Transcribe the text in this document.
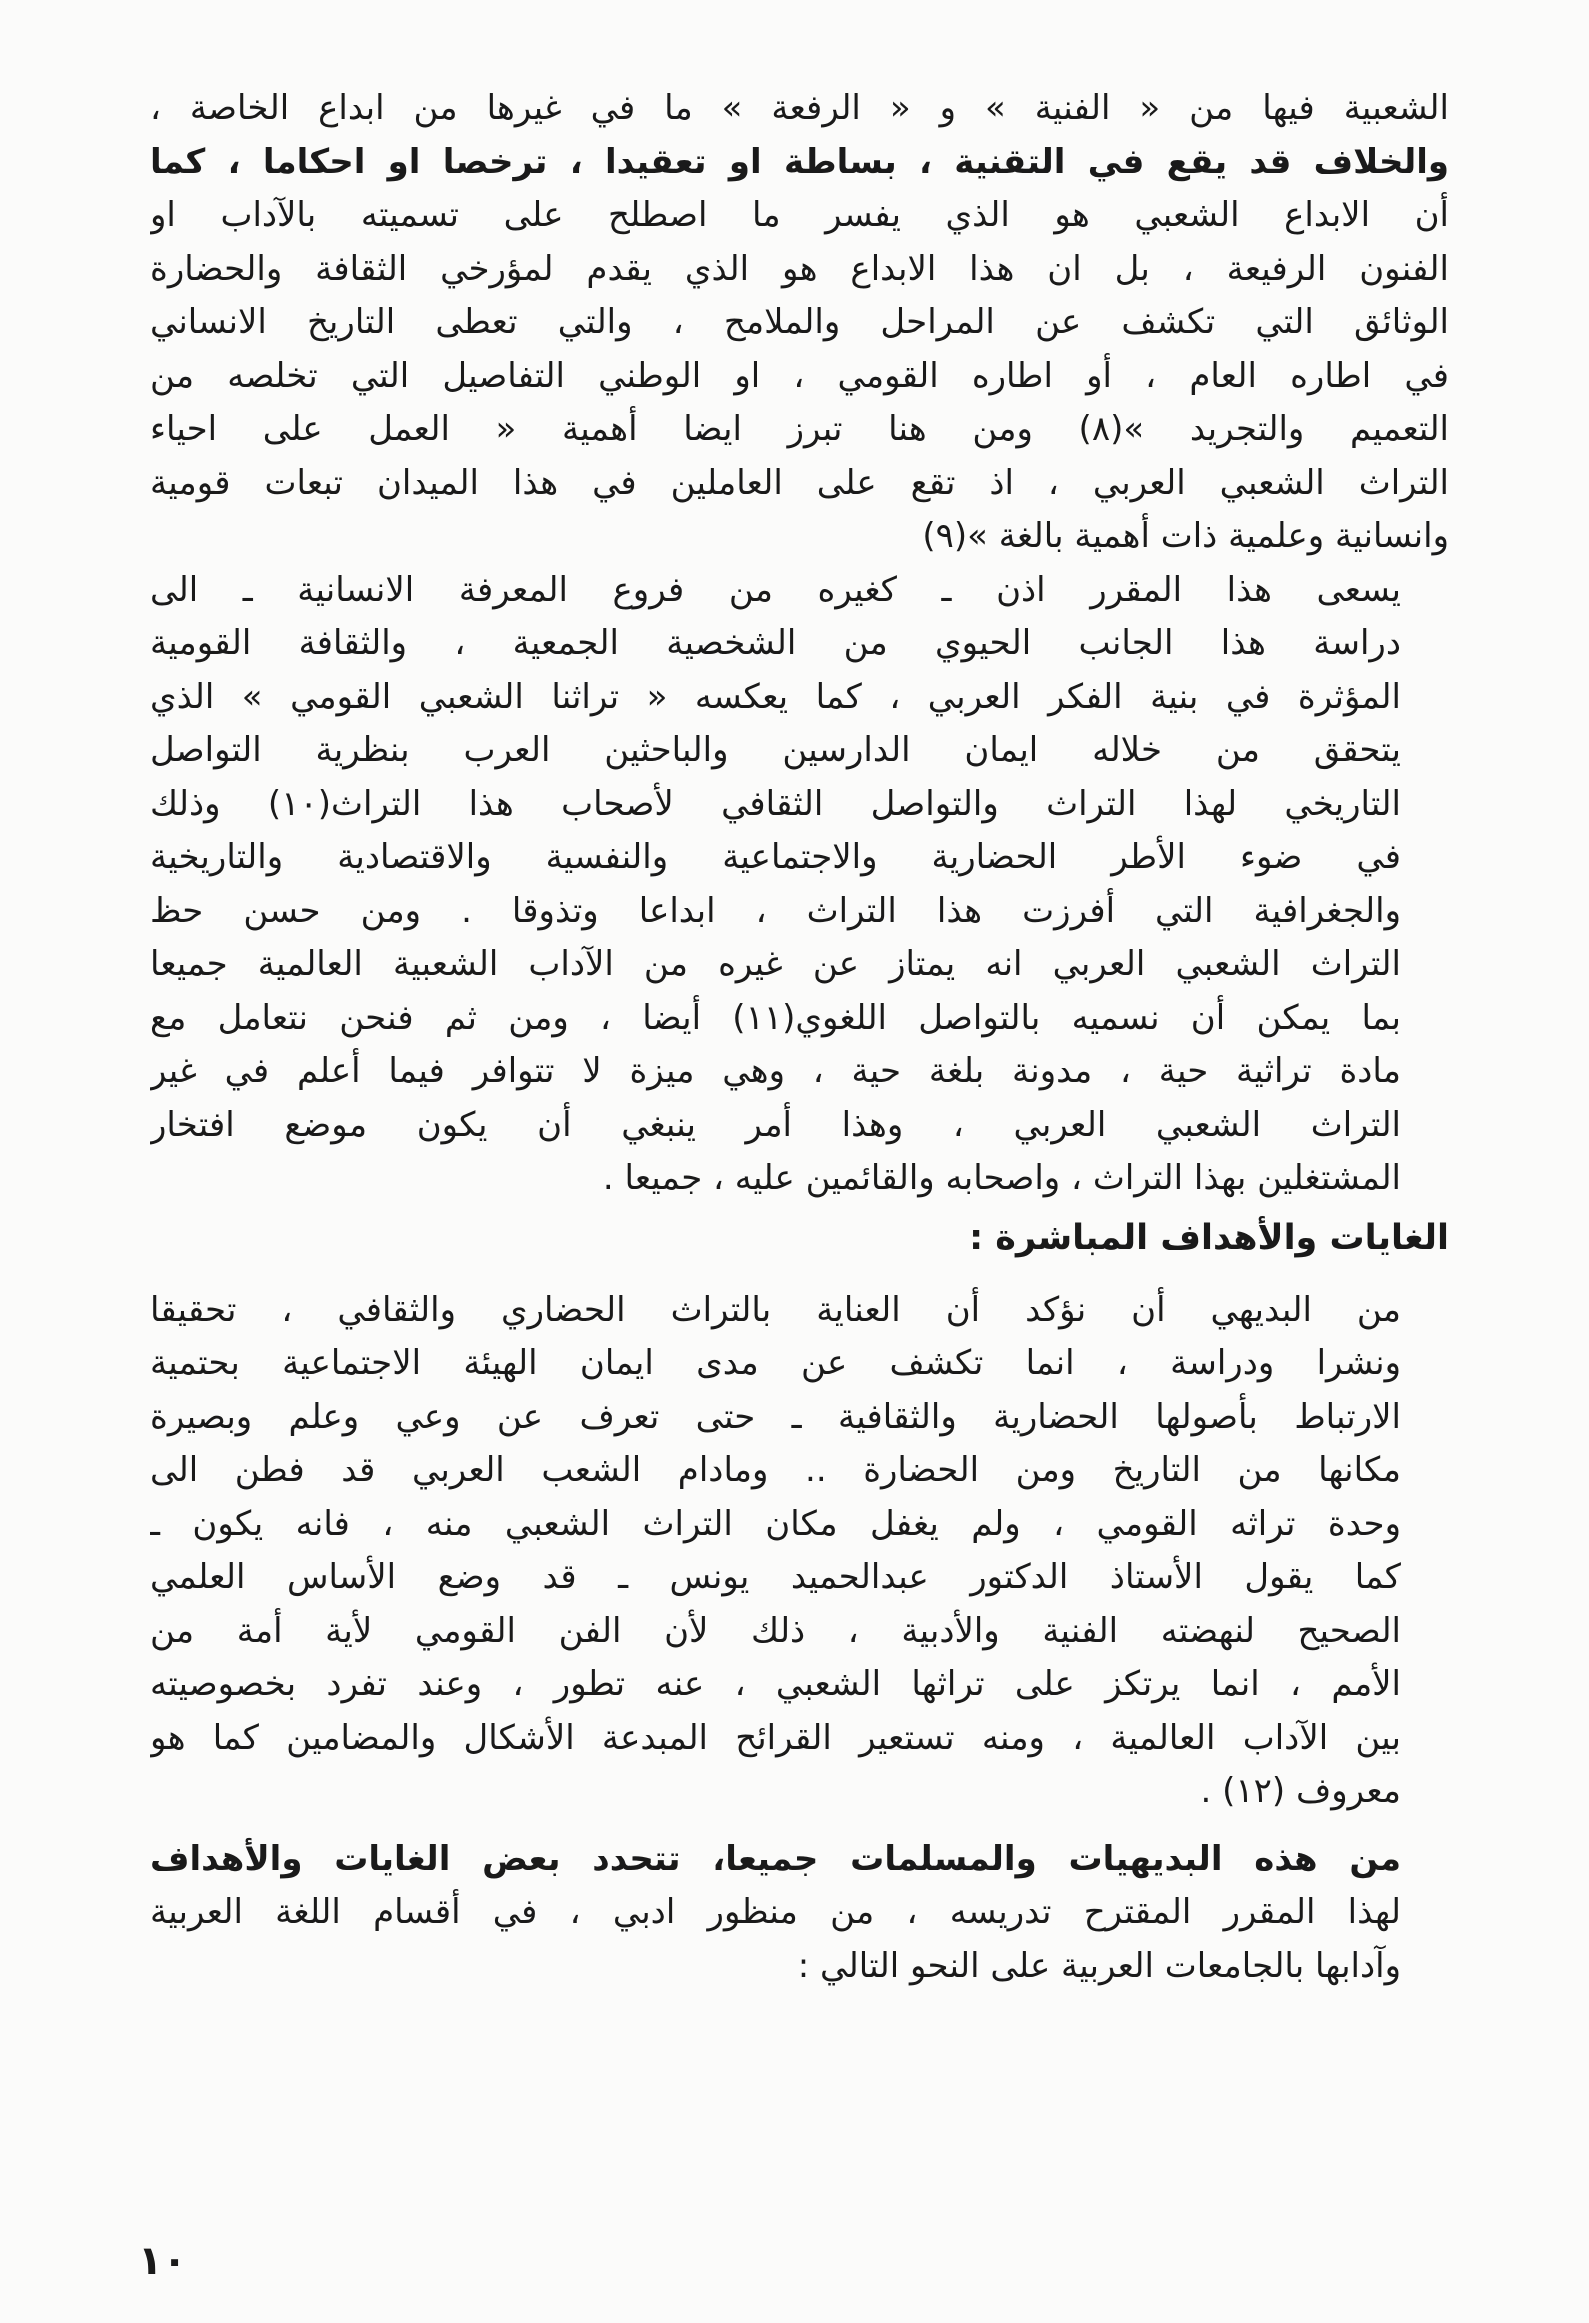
الشعبية فيها من « الفنية » و « الرفعة » ما في غيرها من ابداع الخاصة ،
والخلاف قد يقع في التقنية ، بساطة او تعقيدا ، ترخصا او احكاما ، كما
أن الابداع الشعبي هو الذي يفسر ما اصطلح على تسميته بالآداب او
الفنون الرفيعة ، بل ان هذا الابداع هو الذي يقدم لمؤرخي الثقافة والحضارة
الوثائق التي تكشف عن المراحل والملامح ، والتي تعطى التاريخ الانساني
في اطاره العام ، أو اطاره القومي ، او الوطني التفاصيل التي تخلصه من
التعميم والتجريد »(٨) ومن هنا تبرز ايضا أهمية « العمل على احياء
التراث الشعبي العربي ، اذ تقع على العاملين في هذا الميدان تبعات قومية
وانسانية وعلمية ذات أهمية بالغة »(٩)
يسعى هذا المقرر اذن ـ كغيره من فروع المعرفة الانسانية ـ الى
دراسة هذا الجانب الحيوي من الشخصية الجمعية ، والثقافة القومية
المؤثرة في بنية الفكر العربي ، كما يعكسه « تراثنا الشعبي القومي » الذي
يتحقق من خلاله ايمان الدارسين والباحثين العرب بنظرية التواصل
التاريخي لهذا التراث والتواصل الثقافي لأصحاب هذا التراث(١٠) وذلك
في ضوء الأطر الحضارية والاجتماعية والنفسية والاقتصادية والتاريخية
والجغرافية التي أفرزت هذا التراث ، ابداعا وتذوقا . ومن حسن حظ
التراث الشعبي العربي انه يمتاز عن غيره من الآداب الشعبية العالمية جميعا
بما يمكن أن نسميه بالتواصل اللغوي(١١) أيضا ، ومن ثم فنحن نتعامل مع
مادة تراثية حية ، مدونة بلغة حية ، وهي ميزة لا تتوافر فيما أعلم في غير
التراث الشعبي العربي ، وهذا أمر ينبغي أن يكون موضع افتخار
المشتغلين بهذا التراث ، واصحابه والقائمين عليه ، جميعا .
الغايات والأهداف المباشرة :
من البديهي أن نؤكد أن العناية بالتراث الحضاري والثقافي ، تحقيقا
ونشرا ودراسة ، انما تكشف عن مدى ايمان الهيئة الاجتماعية بحتمية
الارتباط بأصولها الحضارية والثقافية ـ حتى تعرف عن وعي وعلم وبصيرة
مكانها من التاريخ ومن الحضارة .. ومادام الشعب العربي قد فطن الى
وحدة تراثه القومي ، ولم يغفل مكان التراث الشعبي منه ، فانه يكون ـ
كما يقول الأستاذ الدكتور عبدالحميد يونس ـ قد وضع الأساس العلمي
الصحيح لنهضته الفنية والأدبية ، ذلك لأن الفن القومي لأية أمة من
الأمم ، انما يرتكز على تراثها الشعبي ، عنه تطور ، وعند تفرد بخصوصيته
بين الآداب العالمية ، ومنه تستعير القرائح المبدعة الأشكال والمضامين كما هو
معروف (١٢) .
من هذه البديهيات والمسلمات جميعا، تتحدد بعض الغايات والأهداف
لهذا المقرر المقترح تدريسه ، من منظور ادبي ، في أقسام اللغة العربية
وآدابها بالجامعات العربية على النحو التالي :
١٠
